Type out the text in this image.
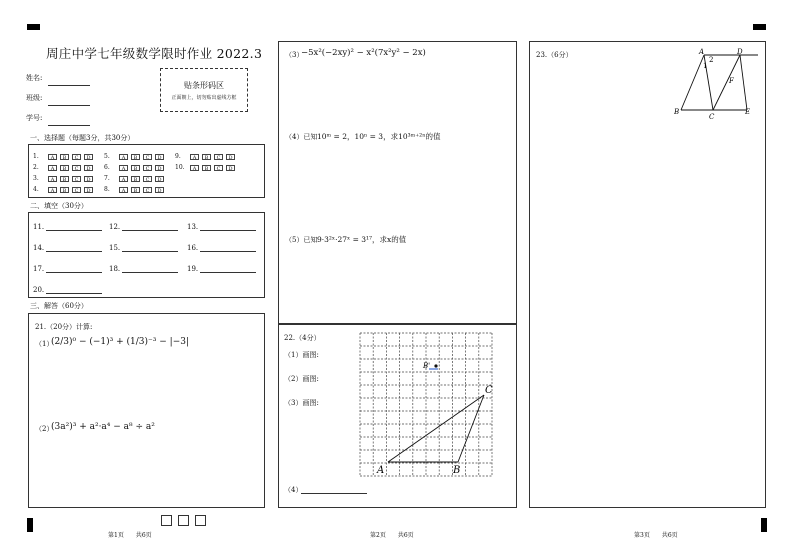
周庄中学七年级数学限时作业 2022.3
姓名:
班级:
学号:
贴条形码区
正面朝上，切勿贴出虚线方框
一、选择题（每题3分，共30分）
1.	A	B	C	D
2.	A	B	C	D
3.	A	B	C	D
4.	A	B	C	D
5.	A	B	C	D
6.	A	B	C	D
7.	A	B	C	D
8.	A	B	C	D
9.	A	B	C	D
10.	A	B	C	D
二、填空（30分）
11.	12.	13.
14.	15.	16.
17.	18.	19.
20.
三、解答（60分）
21.（20分）计算:
（1）
(2/3)⁰ − (−1)³ + (1/3)⁻³ − |−3|
（2）
(3a²)³ + a²·a⁴ − a⁸ ÷ a²
第1页　　共6页
（3）
−5x²(−2xy)² − x²(7x²y² − 2x)
（4）已知 10ᵐ = 2，10ⁿ = 3，求10³ᵐ⁺²ⁿ的值
（5）已知 9·3²ˣ·27ˣ = 3¹⁷，求x的值
22.（4分）
（1）画图:
（2）画图:
（3）画图:
A	B
C
B'
（4）
第2页　　共6页
23.（6分）	A	D
1
2
F
B
C
E
第3页　　共6页
